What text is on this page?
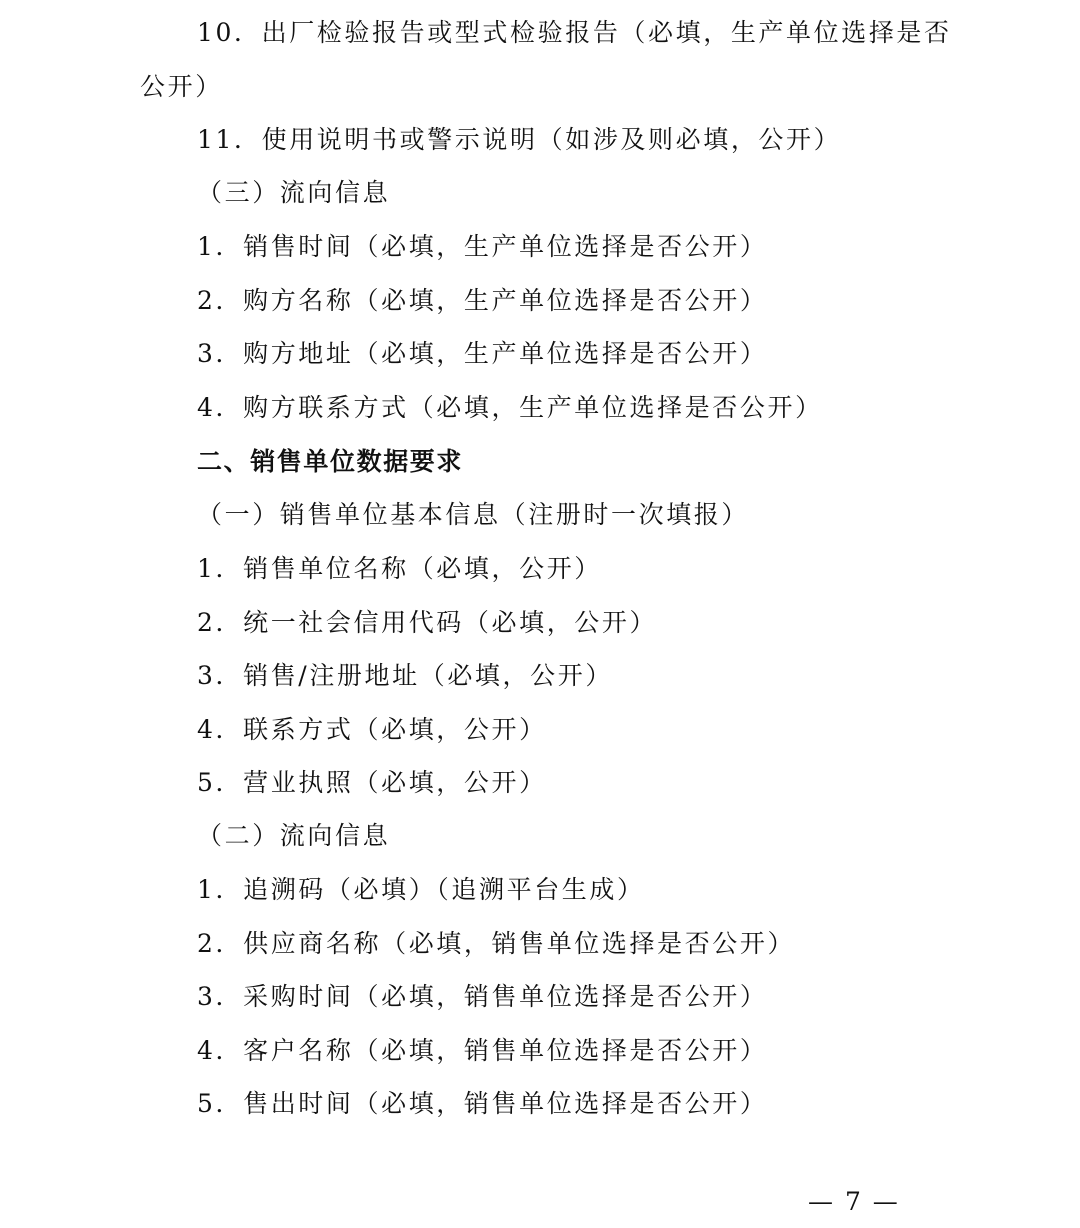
10．出厂检验报告或型式检验报告（必填，生产单位选择是否
公开）
11．使用说明书或警示说明（如涉及则必填，公开）
（三）流向信息
1．销售时间（必填，生产单位选择是否公开）
2．购方名称（必填，生产单位选择是否公开）
3．购方地址（必填，生产单位选择是否公开）
4．购方联系方式（必填，生产单位选择是否公开）
二、销售单位数据要求
（一）销售单位基本信息（注册时一次填报）
1．销售单位名称（必填，公开）
2．统一社会信用代码（必填，公开）
3．销售/注册地址（必填，公开）
4．联系方式（必填，公开）
5．营业执照（必填，公开）
（二）流向信息
1．追溯码（必填）（追溯平台生成）
2．供应商名称（必填，销售单位选择是否公开）
3．采购时间（必填，销售单位选择是否公开）
4．客户名称（必填，销售单位选择是否公开）
5．售出时间（必填，销售单位选择是否公开）
— 7 —
